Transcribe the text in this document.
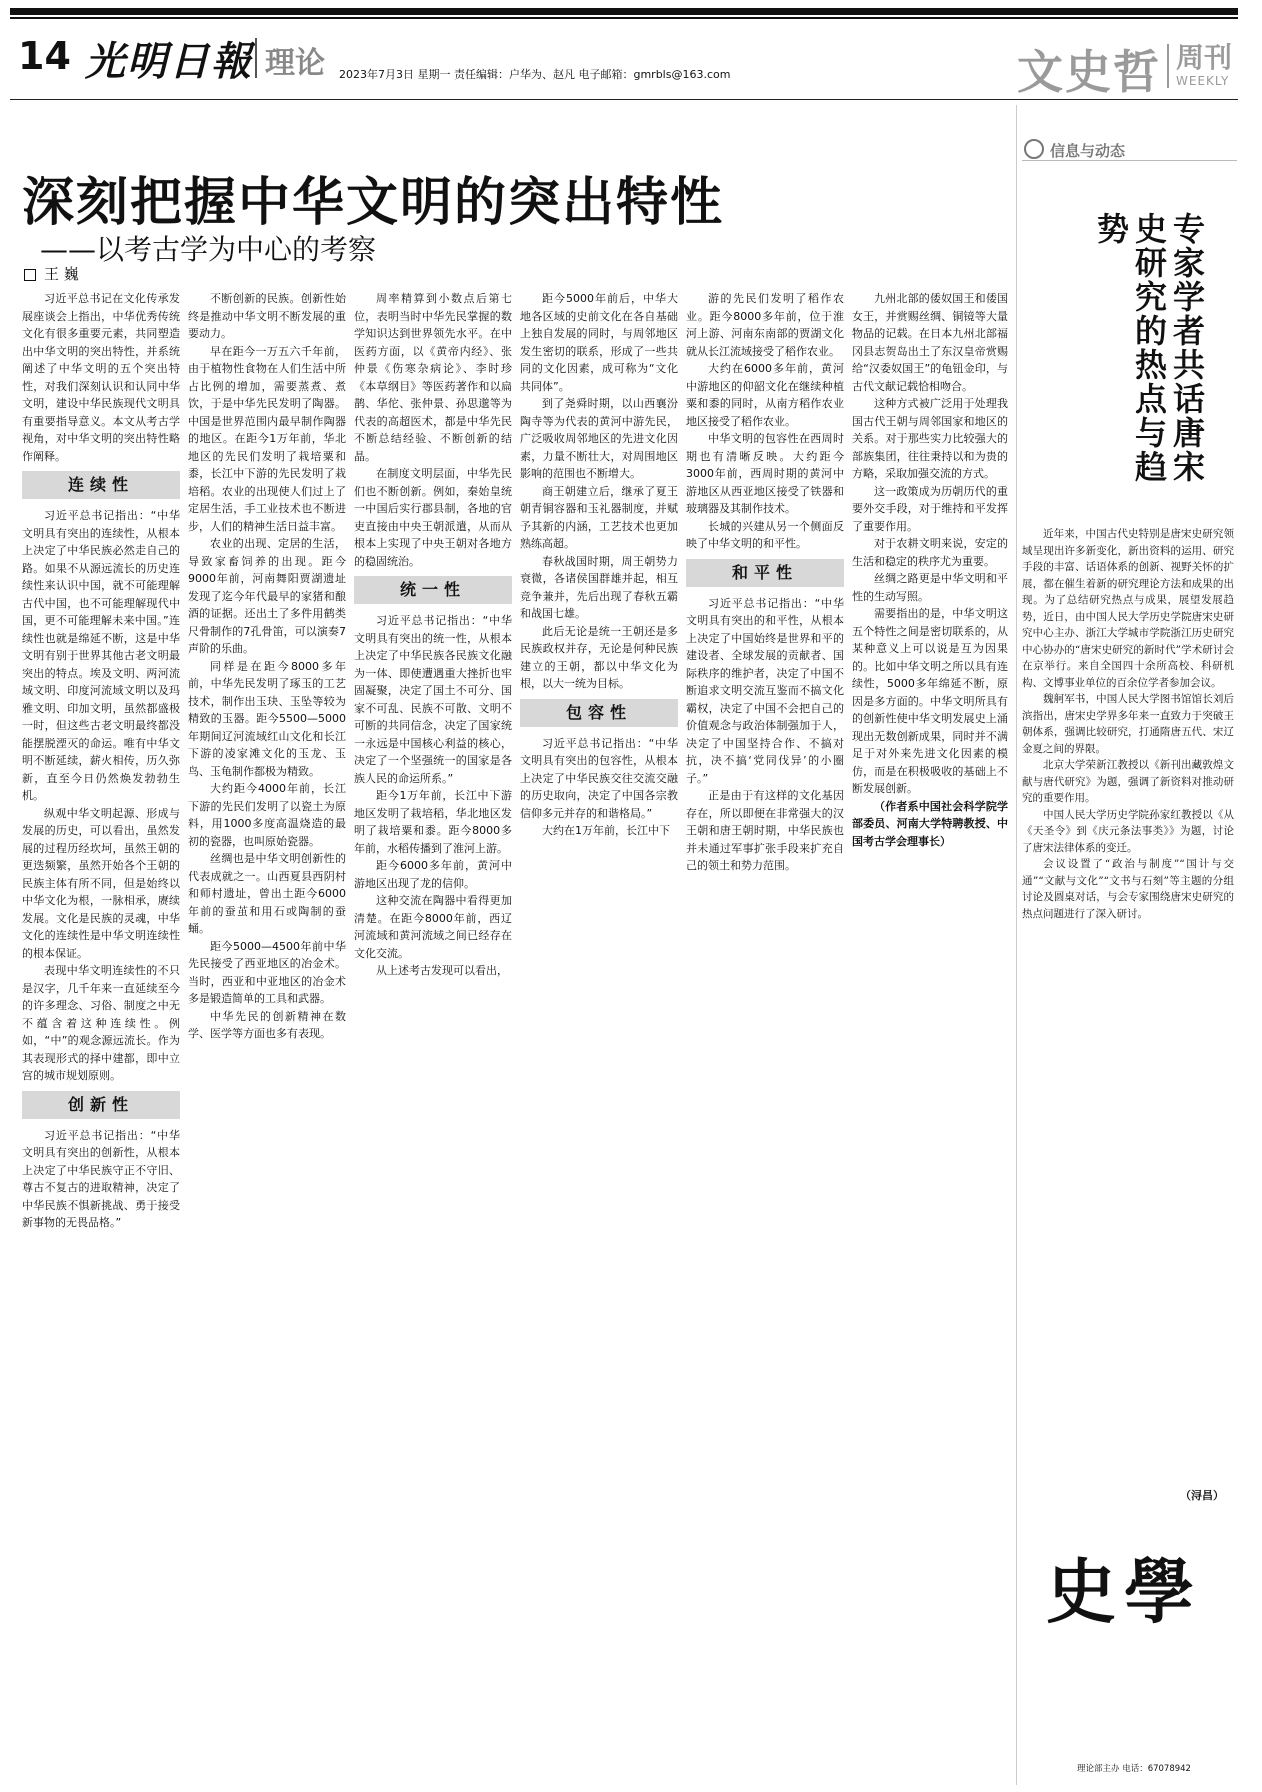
14 光明日報 理论 2023年7月3日 星期一 责任编辑：户华为、赵凡 电子邮箱：gmrbls@163.com	文史哲 周刊
WEEKLY
深刻把握中华文明的突出特性
——以考古学为中心的考察
王 巍

习近平总书记在文化传承发展座谈会上指出，中华优秀传统文化有很多重要元素，共同塑造出中华文明的突出特性，并系统阐述了中华文明的五个突出特性，对我们深刻认识和认同中华文明，建设中华民族现代文明具有重要指导意义。本文从考古学视角，对中华文明的突出特性略作阐释。

连续性

习近平总书记指出：“中华文明具有突出的连续性，从根本上决定了中华民族必然走自己的路。如果不从源远流长的历史连续性来认识中国，就不可能理解古代中国，也不可能理解现代中国，更不可能理解未来中国。”连续性也就是绵延不断，这是中华文明有别于世界其他古老文明最突出的特点。埃及文明、两河流域文明、印度河流域文明以及玛雅文明、印加文明，虽然都盛极一时，但这些古老文明最终都没能摆脱湮灭的命运。唯有中华文明不断延续，薪火相传，历久弥新，直至今日仍然焕发勃勃生机。

纵观中华文明起源、形成与发展的历史，可以看出，虽然发展的过程历经坎坷，虽然王朝的更迭频繁，虽然开始各个王朝的民族主体有所不同，但是始终以中华文化为根，一脉相承，赓续发展。文化是民族的灵魂，中华文化的连续性是中华文明连续性的根本保证。

表现中华文明连续性的不只是汉字，几千年来一直延续至今的许多理念、习俗、制度之中无不蕴含着这种连续性。例如，“中”的观念源远流长。作为其表现形式的择中建都，即中立宫的城市规划原则。

创新性

习近平总书记指出：“中华文明具有突出的创新性，从根本上决定了中华民族守正不守旧、尊古不复古的进取精神，决定了中华民族不惧新挑战、勇于接受新事物的无畏品格。”

不断创新的民族。创新性始终是推动中华文明不断发展的重要动力。

早在距今一万五六千年前，由于植物性食物在人们生活中所占比例的增加，需要蒸煮、煮饮，于是中华先民发明了陶器。中国是世界范围内最早制作陶器的地区。在距今1万年前，华北地区的先民们发明了栽培粟和黍，长江中下游的先民发明了栽培稻。农业的出现使人们过上了定居生活，手工业技术也不断进步，人们的精神生活日益丰富。

农业的出现、定居的生活，导致家畜饲养的出现。距今9000年前，河南舞阳贾湖遗址发现了迄今年代最早的家猪和酿酒的证据。还出土了多件用鹤类尺骨制作的7孔骨笛，可以演奏7声阶的乐曲。

同样是在距今8000多年前，中华先民发明了琢玉的工艺技术，制作出玉玦、玉坠等较为精致的玉器。距今5500—5000年期间辽河流域红山文化和长江下游的凌家滩文化的玉龙、玉鸟、玉龟制作都极为精致。

大约距今4000年前，长江下游的先民们发明了以瓷土为原料，用1000多度高温烧造的最初的瓷器，也叫原始瓷器。

丝绸也是中华文明创新性的代表成就之一。山西夏县西阴村和师村遗址，曾出土距今6000年前的蚕茧和用石或陶制的蚕蛹。

距今5000—4500年前中华先民接受了西亚地区的冶金术。当时，西亚和中亚地区的冶金术多是锻造简单的工具和武器。

中华先民的创新精神在数学、医学等方面也多有表现。

周率精算到小数点后第七位，表明当时中华先民掌握的数学知识达到世界领先水平。在中医药方面，以《黄帝内经》、张仲景《伤寒杂病论》、李时珍《本草纲目》等医药著作和以扁鹊、华佗、张仲景、孙思邈等为代表的高超医术，都是中华先民不断总结经验、不断创新的结晶。

在制度文明层面，中华先民们也不断创新。例如，秦始皇统一中国后实行郡县制，各地的官吏直接由中央王朝派遣，从而从根本上实现了中央王朝对各地方的稳固统治。

统一性

习近平总书记指出：“中华文明具有突出的统一性，从根本上决定了中华民族各民族文化融为一体、即使遭遇重大挫折也牢固凝聚，决定了国土不可分、国家不可乱、民族不可散、文明不可断的共同信念，决定了国家统一永远是中国核心利益的核心，决定了一个坚强统一的国家是各族人民的命运所系。”

距今1万年前，长江中下游地区发明了栽培稻，华北地区发明了栽培粟和黍。距今8000多年前，水稻传播到了淮河上游。

距今6000多年前，黄河中游地区出现了龙的信仰。

这种交流在陶器中看得更加清楚。在距今8000年前，西辽河流域和黄河流域之间已经存在文化交流。

从上述考古发现可以看出，

距今5000年前后，中华大地各区域的史前文化在各自基础上独自发展的同时，与周邻地区发生密切的联系，形成了一些共同的文化因素，成可称为“文化共同体”。

到了尧舜时期，以山西襄汾陶寺等为代表的黄河中游先民，广泛吸收周邻地区的先进文化因素，力量不断壮大，对周围地区影响的范围也不断增大。

商王朝建立后，继承了夏王朝青铜容器和玉礼器制度，并赋予其新的内涵，工艺技术也更加熟练高超。

春秋战国时期，周王朝势力衰微，各诸侯国群雄并起，相互竞争兼并，先后出现了春秋五霸和战国七雄。

此后无论是统一王朝还是多民族政权并存，无论是何种民族建立的王朝，都以中华文化为根，以大一统为目标。

包容性

习近平总书记指出：“中华文明具有突出的包容性，从根本上决定了中华民族交往交流交融的历史取向，决定了中国各宗教信仰多元并存的和谐格局。”

大约在1万年前，长江中下

游的先民们发明了稻作农业。距今8000多年前，位于淮河上游、河南东南部的贾湖文化就从长江流域接受了稻作农业。

大约在6000多年前，黄河中游地区的仰韶文化在继续种植粟和黍的同时，从南方稻作农业地区接受了稻作农业。

中华文明的包容性在西周时期也有清晰反映。大约距今3000年前，西周时期的黄河中游地区从西亚地区接受了铁器和玻璃器及其制作技术。

长城的兴建从另一个侧面反映了中华文明的和平性。

和平性

习近平总书记指出：“中华文明具有突出的和平性，从根本上决定了中国始终是世界和平的建设者、全球发展的贡献者、国际秩序的维护者，决定了中国不断追求文明交流互鉴而不搞文化霸权，决定了中国不会把自己的价值观念与政治体制强加于人，决定了中国坚持合作、不搞对抗，决不搞‘党同伐异’的小圈子。”

正是由于有这样的文化基因存在，所以即便在非常强大的汉王朝和唐王朝时期，中华民族也并未通过军事扩张手段来扩充自己的领土和势力范围。

九州北部的倭奴国王和倭国女王，并赏赐丝绸、铜镜等大量物品的记载。在日本九州北部福冈县志贺岛出土了东汉皇帝赏赐给“汉委奴国王”的龟钮金印，与古代文献记载恰相吻合。

这种方式被广泛用于处理我国古代王朝与周邻国家和地区的关系。对于那些实力比较强大的部族集团，往往秉持以和为贵的方略，采取加强交流的方式。

这一政策成为历朝历代的重要外交手段，对于维持和平发挥了重要作用。

对于农耕文明来说，安定的生活和稳定的秩序尤为重要。

丝绸之路更是中华文明和平性的生动写照。

需要指出的是，中华文明这五个特性之间是密切联系的，从某种意义上可以说是互为因果的。比如中华文明之所以具有连续性，5000多年绵延不断，原因是多方面的。中华文明所具有的创新性使中华文明发展史上涌现出无数创新成果，同时并不满足于对外来先进文化因素的模仿，而是在积极吸收的基础上不断发展创新。

（作者系中国社会科学院学部委员、河南大学特聘教授、中国考古学会理事长）

信息与动态
专家学者共话唐宋史研究的热点与趋势

近年来，中国古代史特别是唐宋史研究领域呈现出许多新变化，新出资料的运用、研究手段的丰富、话语体系的创新、视野关怀的扩展，都在催生着新的研究理论方法和成果的出现。为了总结研究热点与成果，展望发展趋势，近日，由中国人民大学历史学院唐宋史研究中心主办、浙江大学城市学院浙江历史研究中心协办的“唐宋史研究的新时代”学术研讨会在京举行。来自全国四十余所高校、科研机构、文博事业单位的百余位学者参加会议。

魏舸军书，中国人民大学图书馆馆长刘后滨指出，唐宋史学界多年来一直致力于突破王朝体系，强调比较研究，打通隋唐五代、宋辽金夏之间的界限。

北京大学荣新江教授以《新刊出藏敦煌文献与唐代研究》为题，强调了新资料对推动研究的重要作用。

中国人民大学历史学院孙家红教授以《从《天圣令》到《庆元条法事类》》为题，讨论了唐宋法律体系的变迁。

会议设置了“政治与制度”“国计与交通”“文献与文化”“文书与石刻”等主题的分组讨论及圆桌对话，与会专家围绕唐宋史研究的热点问题进行了深入研讨。

（浔昌）
史學
理论部主办 电话：67078942
